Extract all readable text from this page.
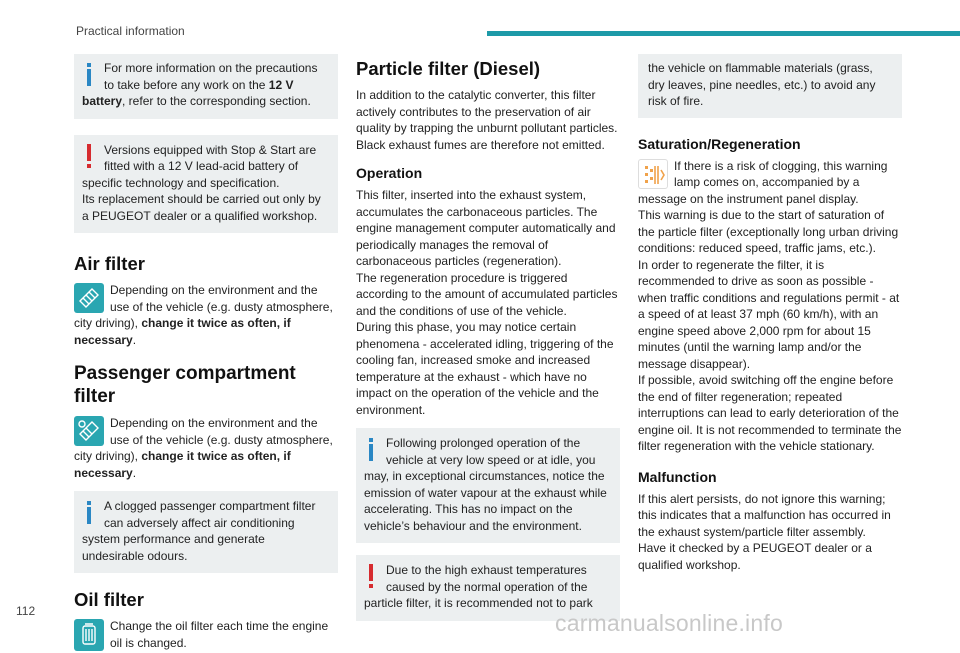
Practical information

For more information on the precautions to take before any work on the 12 V battery, refer to the corresponding section.

Versions equipped with Stop & Start are fitted with a 12 V lead-acid battery of specific technology and specification.

Its replacement should be carried out only by a PEUGEOT dealer or a qualified workshop.

Air filter

Depending on the environment and the use of the vehicle (e.g. dusty atmosphere, city driving), change it twice as often, if necessary.

Passenger compartment filter

Depending on the environment and the use of the vehicle (e.g. dusty atmosphere, city driving), change it twice as often, if necessary.

A clogged passenger compartment filter can adversely affect air conditioning system performance and generate undesirable odours.

Oil filter

Change the oil filter each time the engine oil is changed.

Particle filter (Diesel)

In addition to the catalytic converter, this filter actively contributes to the preservation of air quality by trapping the unburnt pollutant particles. Black exhaust fumes are therefore not emitted.

Operation

This filter, inserted into the exhaust system, accumulates the carbonaceous particles. The engine management computer automatically and periodically manages the removal of carbonaceous particles (regeneration).

The regeneration procedure is triggered according to the amount of accumulated particles and the conditions of use of the vehicle.

During this phase, you may notice certain phenomena - accelerated idling, triggering of the cooling fan, increased smoke and increased temperature at the exhaust - which have no impact on the operation of the vehicle and the environment.

Following prolonged operation of the vehicle at very low speed or at idle, you may, in exceptional circumstances, notice the emission of water vapour at the exhaust while accelerating. This has no impact on the vehicle’s behaviour and the environment.

Due to the high exhaust temperatures caused by the normal operation of the particle filter, it is recommended not to park

the vehicle on flammable materials (grass, dry leaves, pine needles, etc.) to avoid any risk of fire.

Saturation/Regeneration

If there is a risk of clogging, this warning lamp comes on, accompanied by a message on the instrument panel display.

This warning is due to the start of saturation of the particle filter (exceptionally long urban driving conditions: reduced speed, traffic jams, etc.).

In order to regenerate the filter, it is recommended to drive as soon as possible - when traffic conditions and regulations permit - at a speed of at least 37 mph (60 km/h), with an engine speed above 2,000 rpm for about 15 minutes (until the warning lamp and/or the message disappear).

If possible, avoid switching off the engine before the end of filter regeneration; repeated interruptions can lead to early deterioration of the engine oil. It is not recommended to terminate the filter regeneration with the vehicle stationary.

Malfunction

If this alert persists, do not ignore this warning; this indicates that a malfunction has occurred in the exhaust system/particle filter assembly.

Have it checked by a PEUGEOT dealer or a qualified workshop.

112	carmanualsonline.info
